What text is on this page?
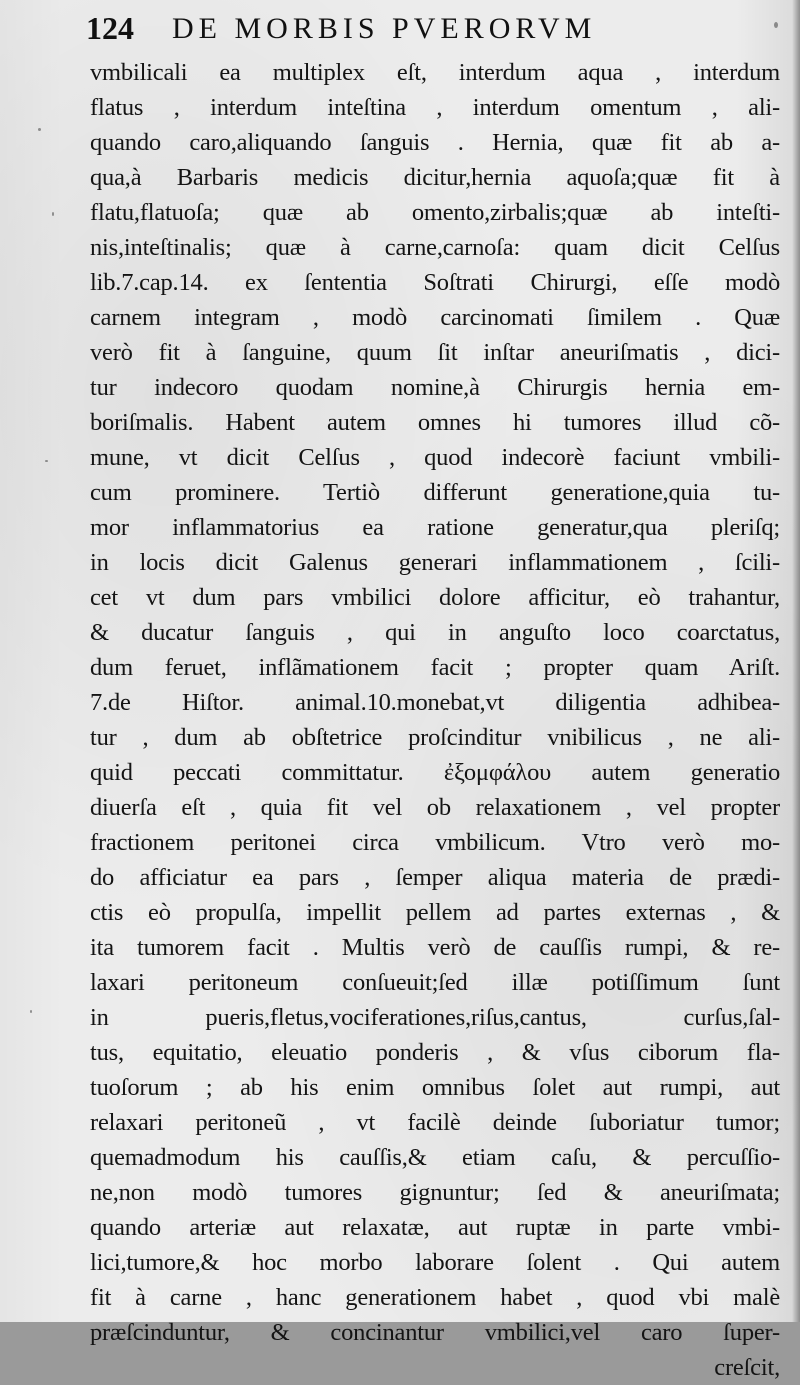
124 DE MORBIS PVERORVM
vmbilicali ea multiplex eſt, interdum aqua , interdum
flatus , interdum inteſtina , interdum omentum , ali-
quando caro,aliquando ſanguis . Hernia, quæ fit ab a-
qua,à Barbaris medicis dicitur,hernia aquoſa;quæ fit à
flatu,flatuoſa; quæ ab omento,zirbalis;quæ ab inteſti-
nis,inteſtinalis; quæ à carne,carnoſa: quam dicit Celſus
lib.7.cap.14. ex ſententia Soſtrati Chirurgi, eſſe modò
carnem integram , modò carcinomati ſimilem . Quæ
verò fit à ſanguine, quum ſit inſtar aneuriſmatis , dici-
tur indecoro quodam nomine,à Chirurgis hernia em-
boriſmalis. Habent autem omnes hi tumores illud cõ-
mune, vt dicit Celſus , quod indecorè faciunt vmbili-
cum prominere. Tertiò differunt generatione,quia tu-
mor inflammatorius ea ratione generatur,qua pleriſq;
in locis dicit Galenus generari inflammationem , ſcili-
cet vt dum pars vmbilici dolore afficitur, eò trahantur,
& ducatur ſanguis , qui in anguſto loco coarctatus,
dum feruet, inflãmationem facit ; propter quam Ariſt.
7.de Hiſtor. animal.10.monebat,vt diligentia adhibea-
tur , dum ab obſtetrice proſcinditur vnibilicus , ne ali-
quid peccati committatur. ἐξομφάλου autem generatio
diuerſa eſt , quia fit vel ob relaxationem , vel propter
fractionem peritonei circa vmbilicum. Vtro verò mo-
do afficiatur ea pars , ſemper aliqua materia de prædi-
ctis eò propulſa, impellit pellem ad partes externas , &
ita tumorem facit . Multis verò de cauſſis rumpi, & re-
laxari peritoneum conſueuit;ſed illæ potiſſimum ſunt
in pueris,fletus,vociferationes,riſus,cantus, curſus,ſal-
tus, equitatio, eleuatio ponderis , & vſus ciborum fla-
tuoſorum ; ab his enim omnibus ſolet aut rumpi, aut
relaxari peritoneũ , vt facilè deinde ſuboriatur tumor;
quemadmodum his cauſſis,& etiam caſu, & percuſſio-
ne,non modò tumores gignuntur; ſed & aneuriſmata;
quando arteriæ aut relaxatæ, aut ruptæ in parte vmbi-
lici,tumore,& hoc morbo laborare ſolent . Qui autem
fit à carne , hanc generationem habet , quod vbi malè
præſcinduntur, & concinantur vmbilici,vel caro ſuper-
creſcit,
